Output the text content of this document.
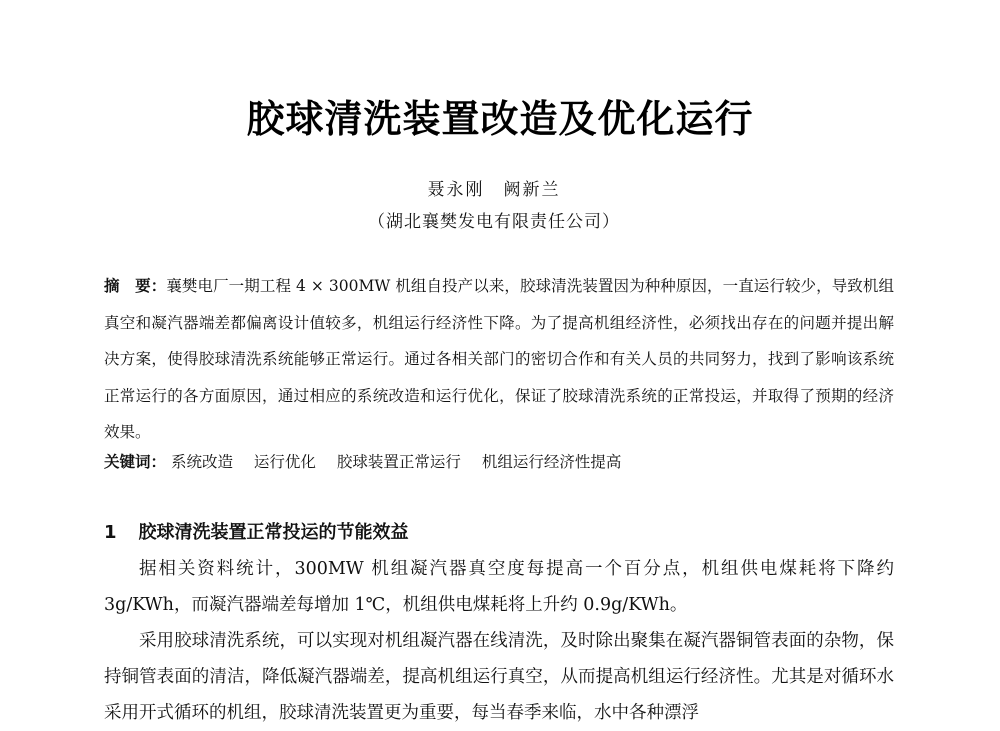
胶球清洗装置改造及优化运行
聂永刚　阙新兰
（湖北襄樊发电有限责任公司）
摘　要：襄樊电厂一期工程 4 × 300MW 机组自投产以来，胶球清洗装置因为种种原因，一直运行较少，导致机组真空和凝汽器端差都偏离设计值较多，机组运行经济性下降。为了提高机组经济性，必须找出存在的问题并提出解决方案，使得胶球清洗系统能够正常运行。通过各相关部门的密切合作和有关人员的共同努力，找到了影响该系统正常运行的各方面原因，通过相应的系统改造和运行优化，保证了胶球清洗系统的正常投运，并取得了预期的经济效果。
关键词： 系统改造 运行优化 胶球装置正常运行 机组运行经济性提高
1 胶球清洗装置正常投运的节能效益

据相关资料统计，300MW 机组凝汽器真空度每提高一个百分点，机组供电煤耗将下降约 3g/KWh，而凝汽器端差每增加 1℃，机组供电煤耗将上升约 0.9g/KWh。

采用胶球清洗系统，可以实现对机组凝汽器在线清洗，及时除出聚集在凝汽器铜管表面的杂物，保持铜管表面的清洁，降低凝汽器端差，提高机组运行真空，从而提高机组运行经济性。尤其是对循环水采用开式循环的机组，胶球清洗装置更为重要，每当春季来临，水中各种漂浮
